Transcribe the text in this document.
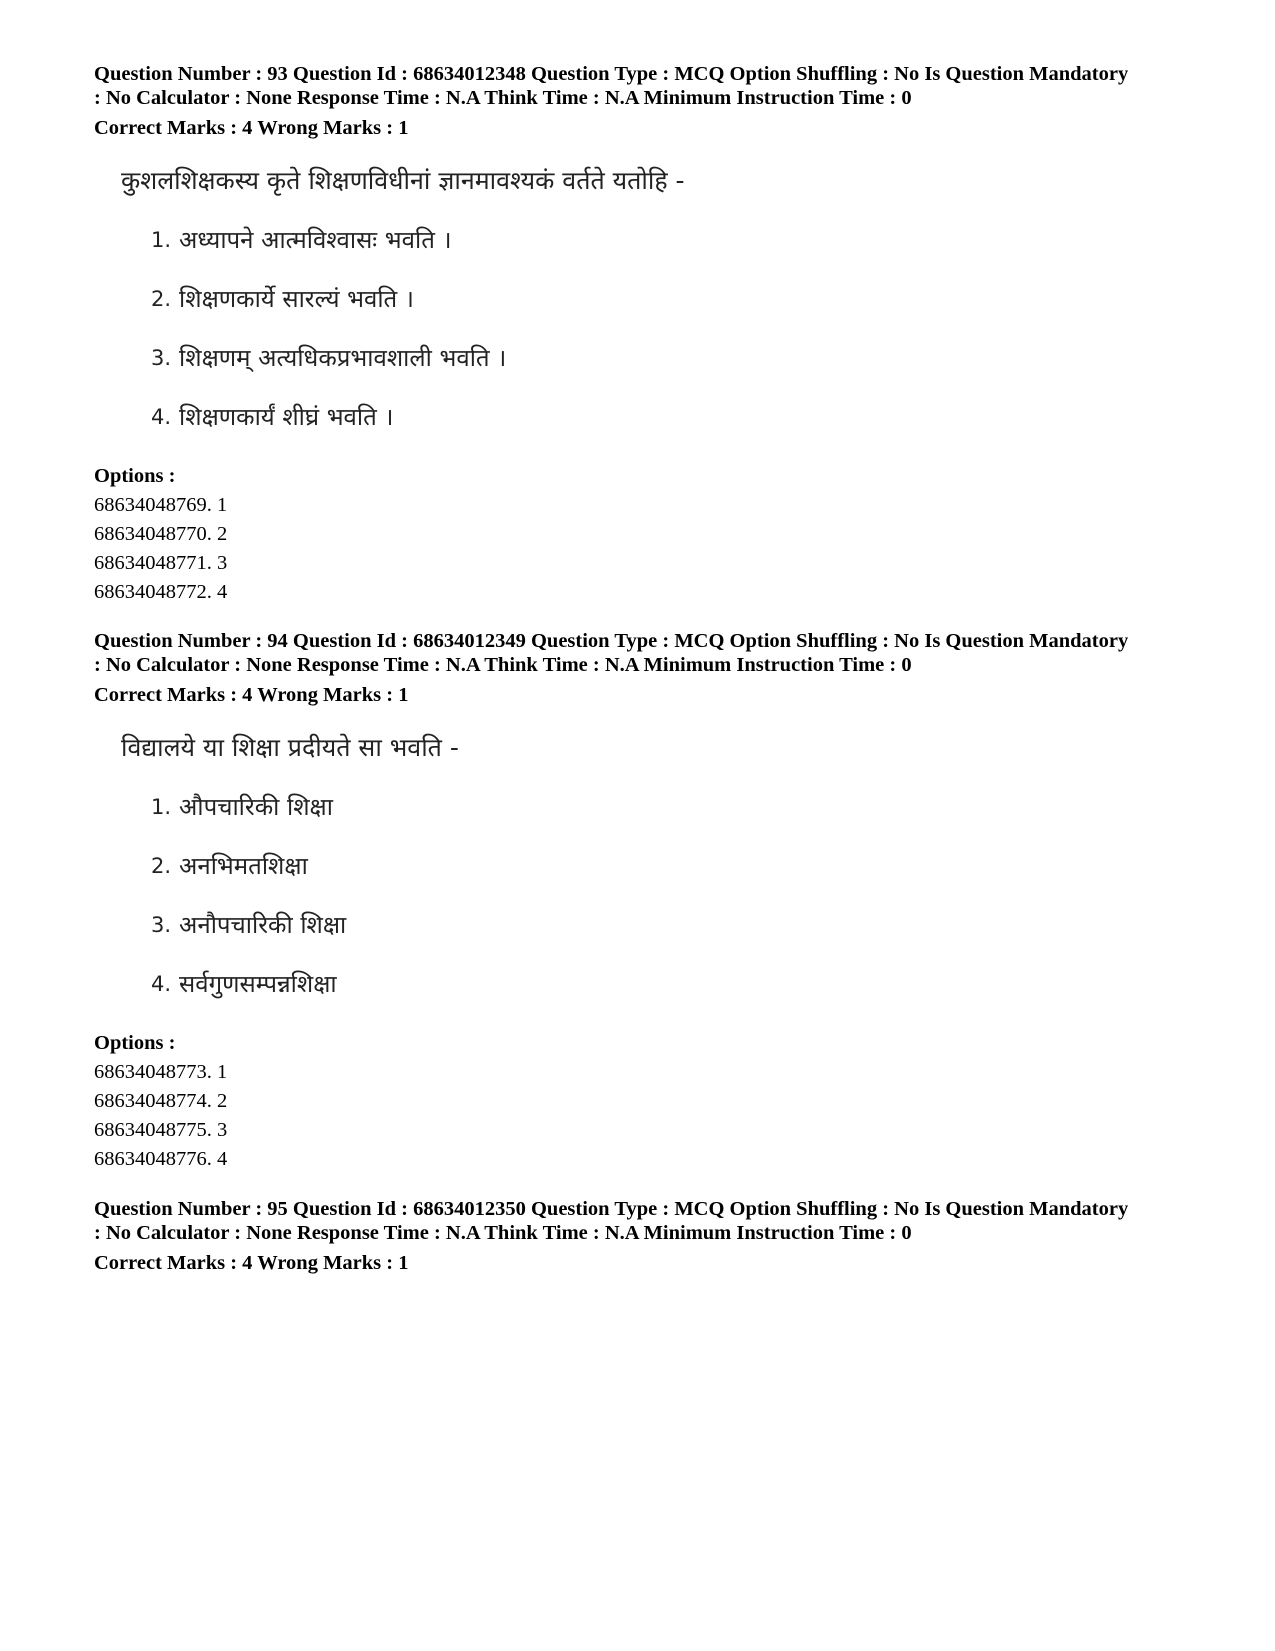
Question Number : 93 Question Id : 68634012348 Question Type : MCQ Option Shuffling : No Is Question Mandatory

: No Calculator : None Response Time : N.A Think Time : N.A Minimum Instruction Time : 0

Correct Marks : 4 Wrong Marks : 1

कुशलशिक्षकस्य कृते शिक्षणविधीनां ज्ञानमावश्यकं वर्तते यतोहि -

1. अध्यापने आत्मविश्वासः भवति ।
2. शिक्षणकार्ये सारल्यं भवति ।
3. शिक्षणम् अत्यधिकप्रभावशाली भवति ।
4. शिक्षणकार्यं शीघ्रं भवति ।

Options :

68634048769. 1

68634048770. 2

68634048771. 3

68634048772. 4

Question Number : 94 Question Id : 68634012349 Question Type : MCQ Option Shuffling : No Is Question Mandatory

: No Calculator : None Response Time : N.A Think Time : N.A Minimum Instruction Time : 0

Correct Marks : 4 Wrong Marks : 1

विद्यालये या शिक्षा प्रदीयते सा भवति -

1. औपचारिकी शिक्षा
2. अनभिमतशिक्षा
3. अनौपचारिकी शिक्षा
4. सर्वगुणसम्पन्नशिक्षा

Options :

68634048773. 1

68634048774. 2

68634048775. 3

68634048776. 4

Question Number : 95 Question Id : 68634012350 Question Type : MCQ Option Shuffling : No Is Question Mandatory

: No Calculator : None Response Time : N.A Think Time : N.A Minimum Instruction Time : 0

Correct Marks : 4 Wrong Marks : 1
